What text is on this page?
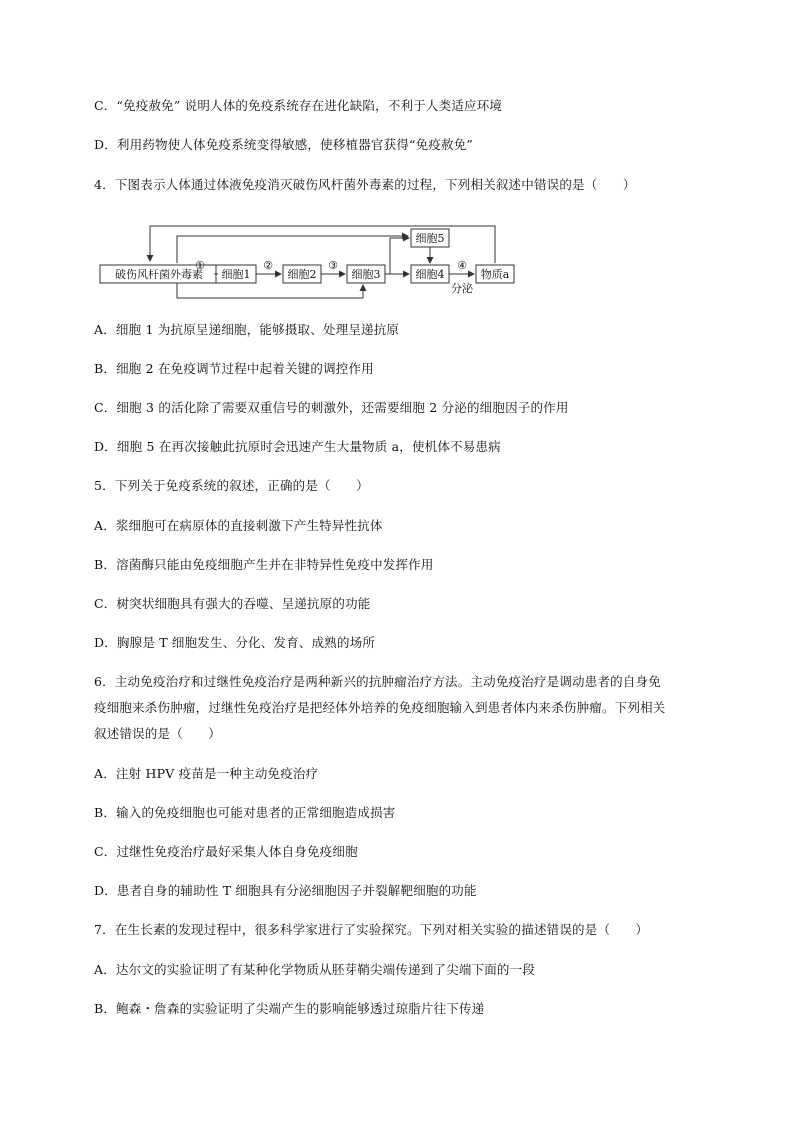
C．“免疫赦免” 说明人体的免疫系统存在进化缺陷，不利于人类适应环境
D．利用药物使人体免疫系统变得敏感，使移植器官获得“免疫赦免”
4．下图表示人体通过体液免疫消灭破伤风杆菌外毒素的过程，下列相关叙述中错误的是（　　）
破伤风杆菌外毒素 细胞1	细胞2	细胞3
细胞5
细胞4	物质a
①	②	③	④
分泌
A．细胞 1 为抗原呈递细胞，能够摄取、处理呈递抗原
B．细胞 2 在免疫调节过程中起着关键的调控作用
C．细胞 3 的活化除了需要双重信号的刺激外，还需要细胞 2 分泌的细胞因子的作用
D．细胞 5 在再次接触此抗原时会迅速产生大量物质 a，使机体不易患病
5．下列关于免疫系统的叙述，正确的是（　　）
A．浆细胞可在病原体的直接刺激下产生特异性抗体
B．溶菌酶只能由免疫细胞产生并在非特异性免疫中发挥作用
C．树突状细胞具有强大的吞噬、呈递抗原的功能
D．胸腺是 T 细胞发生、分化、发育、成熟的场所
6．主动免疫治疗和过继性免疫治疗是两种新兴的抗肿瘤治疗方法。主动免疫治疗是调动患者的自身免
疫细胞来杀伤肿瘤，过继性免疫治疗是把经体外培养的免疫细胞输入到患者体内来杀伤肿瘤。下列相关
叙述错误的是（　　）
A．注射 HPV 疫苗是一种主动免疫治疗
B．输入的免疫细胞也可能对患者的正常细胞造成损害
C．过继性免疫治疗最好采集人体自身免疫细胞
D．患者自身的辅助性 T 细胞具有分泌细胞因子并裂解靶细胞的功能
7．在生长素的发现过程中，很多科学家进行了实验探究。下列对相关实验的描述错误的是（　　）
A．达尔文的实验证明了有某种化学物质从胚芽鞘尖端传递到了尖端下面的一段
B．鲍森・詹森的实验证明了尖端产生的影响能够透过琼脂片往下传递
